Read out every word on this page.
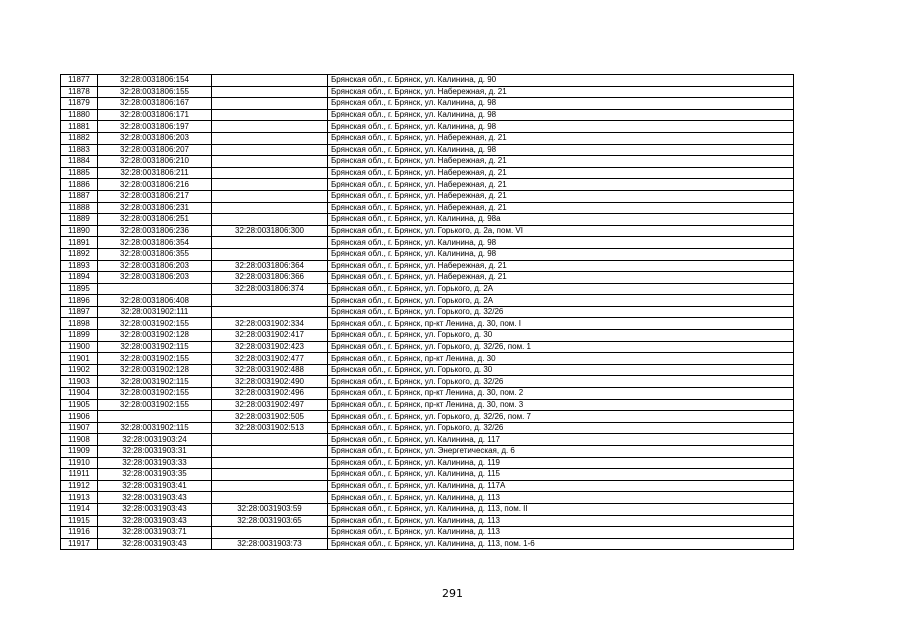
11877	32:28:0031806:154		Брянская обл., г. Брянск, ул. Калинина, д. 90
11878	32:28:0031806:155		Брянская обл., г. Брянск, ул. Набережная, д. 21
11879	32:28:0031806:167		Брянская обл., г. Брянск, ул. Калинина, д. 98
11880	32:28:0031806:171		Брянская обл., г. Брянск, ул. Калинина, д. 98
11881	32:28:0031806:197		Брянская обл., г. Брянск, ул. Калинина, д. 98
11882	32:28:0031806:203		Брянская обл., г. Брянск, ул. Набережная, д. 21
11883	32:28:0031806:207		Брянская обл., г. Брянск, ул. Калинина, д. 98
11884	32:28:0031806:210		Брянская обл., г. Брянск, ул. Набережная, д. 21
11885	32:28:0031806:211		Брянская обл., г. Брянск, ул. Набережная, д. 21
11886	32:28:0031806:216		Брянская обл., г. Брянск, ул. Набережная, д. 21
11887	32:28:0031806:217		Брянская обл., г. Брянск, ул. Набережная, д. 21
11888	32:28:0031806:231		Брянская обл., г. Брянск, ул. Набережная, д. 21
11889	32:28:0031806:251		Брянская обл., г. Брянск, ул. Калинина, д. 98а
11890	32:28:0031806:236	32:28:0031806:300	Брянская обл., г. Брянск, ул. Горького, д. 2а, пом. VI
11891	32:28:0031806:354		Брянская обл., г. Брянск, ул. Калинина, д. 98
11892	32:28:0031806:355		Брянская обл., г. Брянск, ул. Калинина, д. 98
11893	32:28:0031806:203	32:28:0031806:364	Брянская обл., г. Брянск, ул. Набережная, д. 21
11894	32:28:0031806:203	32:28:0031806:366	Брянская обл., г. Брянск, ул. Набережная, д. 21
11895		32:28:0031806:374	Брянская обл., г. Брянск, ул. Горького, д. 2А
11896	32:28:0031806:408		Брянская обл., г. Брянск, ул. Горького, д. 2А
11897	32:28:0031902:111		Брянская обл., г. Брянск, ул. Горького, д. 32/26
11898	32:28:0031902:155	32:28:0031902:334	Брянская обл., г. Брянск, пр-кт Ленина, д. 30, пом. I
11899	32:28:0031902:128	32:28:0031902:417	Брянская обл., г. Брянск, ул. Горького, д. 30
11900	32:28:0031902:115	32:28:0031902:423	Брянская обл., г. Брянск, ул. Горького, д. 32/26, пом. 1
11901	32:28:0031902:155	32:28:0031902:477	Брянская обл., г. Брянск, пр-кт Ленина, д. 30
11902	32:28:0031902:128	32:28:0031902:488	Брянская обл., г. Брянск, ул. Горького, д. 30
11903	32:28:0031902:115	32:28:0031902:490	Брянская обл., г. Брянск, ул. Горького, д. 32/26
11904	32:28:0031902:155	32:28:0031902:496	Брянская обл., г. Брянск, пр-кт Ленина, д. 30, пом. 2
11905	32:28:0031902:155	32:28:0031902:497	Брянская обл., г. Брянск, пр-кт Ленина, д. 30, пом. 3
11906		32:28:0031902:505	Брянская обл., г. Брянск, ул. Горького, д. 32/26, пом. 7
11907	32:28:0031902:115	32:28:0031902:513	Брянская обл., г. Брянск, ул. Горького, д. 32/26
11908	32:28:0031903:24		Брянская обл., г. Брянск, ул. Калинина, д. 117
11909	32:28:0031903:31		Брянская обл., г. Брянск, ул. Энергетическая, д. 6
11910	32:28:0031903:33		Брянская обл., г. Брянск, ул. Калинина, д. 119
11911	32:28:0031903:35		Брянская обл., г. Брянск, ул. Калинина, д. 115
11912	32:28:0031903:41		Брянская обл., г. Брянск, ул. Калинина, д. 117А
11913	32:28:0031903:43		Брянская обл., г. Брянск, ул. Калинина, д. 113
11914	32:28:0031903:43	32:28:0031903:59	Брянская обл., г. Брянск, ул. Калинина, д. 113, пом. II
11915	32:28:0031903:43	32:28:0031903:65	Брянская обл., г. Брянск, ул. Калинина, д. 113
11916	32:28:0031903:71		Брянская обл., г. Брянск, ул. Калинина, д. 113
11917	32:28:0031903:43	32:28:0031903:73	Брянская обл., г. Брянск, ул. Калинина, д. 113, пом. 1-6
291
